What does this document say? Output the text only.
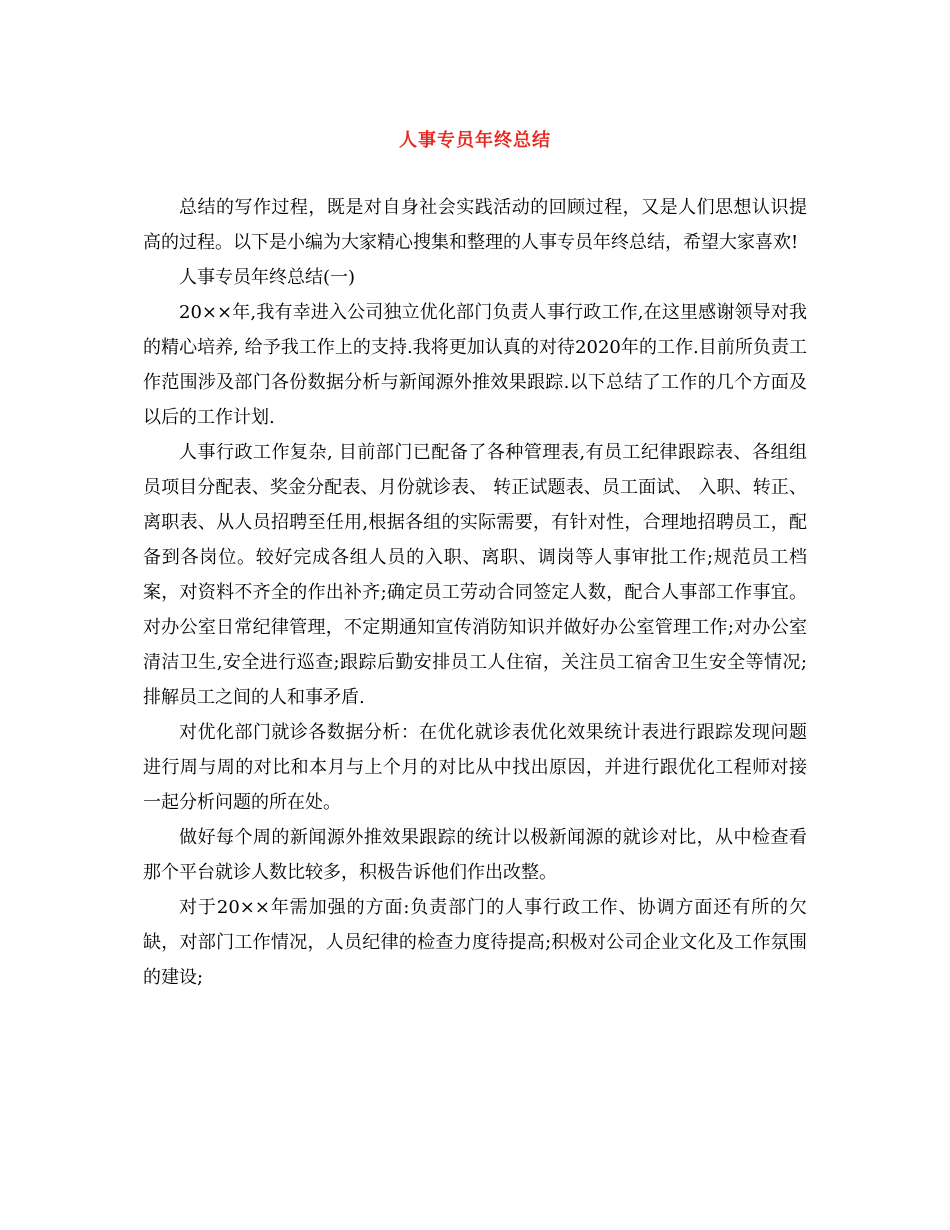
人事专员年终总结

总结的写作过程，既是对自身社会实践活动的回顾过程，又是人们思想认识提高的过程。以下是小编为大家精心搜集和整理的人事专员年终总结，希望大家喜欢!

人事专员年终总结(一)

20××年,我有幸进入公司独立优化部门负责人事行政工作,在这里感谢领导对我的精心培养, 给予我工作上的支持.我将更加认真的对待2020年的工作.目前所负责工作范围涉及部门各份数据分析与新闻源外推效果跟踪.以下总结了工作的几个方面及以后的工作计划.

人事行政工作复杂, 目前部门已配备了各种管理表,有员工纪律跟踪表、各组组员项目分配表、奖金分配表、月份就诊表、 转正试题表、员工面试、 入职、转正、 离职表、从人员招聘至任用,根据各组的实际需要，有针对性，合理地招聘员工，配备到各岗位。较好完成各组人员的入职、离职、调岗等人事审批工作;规范员工档案，对资料不齐全的作出补齐;确定员工劳动合同签定人数，配合人事部工作事宜。对办公室日常纪律管理，不定期通知宣传消防知识并做好办公室管理工作;对办公室清洁卫生,安全进行巡查;跟踪后勤安排员工人住宿，关注员工宿舍卫生安全等情况;排解员工之间的人和事矛盾.

对优化部门就诊各数据分析：在优化就诊表优化效果统计表进行跟踪发现问题进行周与周的对比和本月与上个月的对比从中找出原因，并进行跟优化工程师对接一起分析问题的所在处。

做好每个周的新闻源外推效果跟踪的统计以极新闻源的就诊对比，从中检查看那个平台就诊人数比较多，积极告诉他们作出改整。

对于20××年需加强的方面:负责部门的人事行政工作、协调方面还有所的欠缺，对部门工作情况，人员纪律的检查力度待提高;积极对公司企业文化及工作氛围的建设;
